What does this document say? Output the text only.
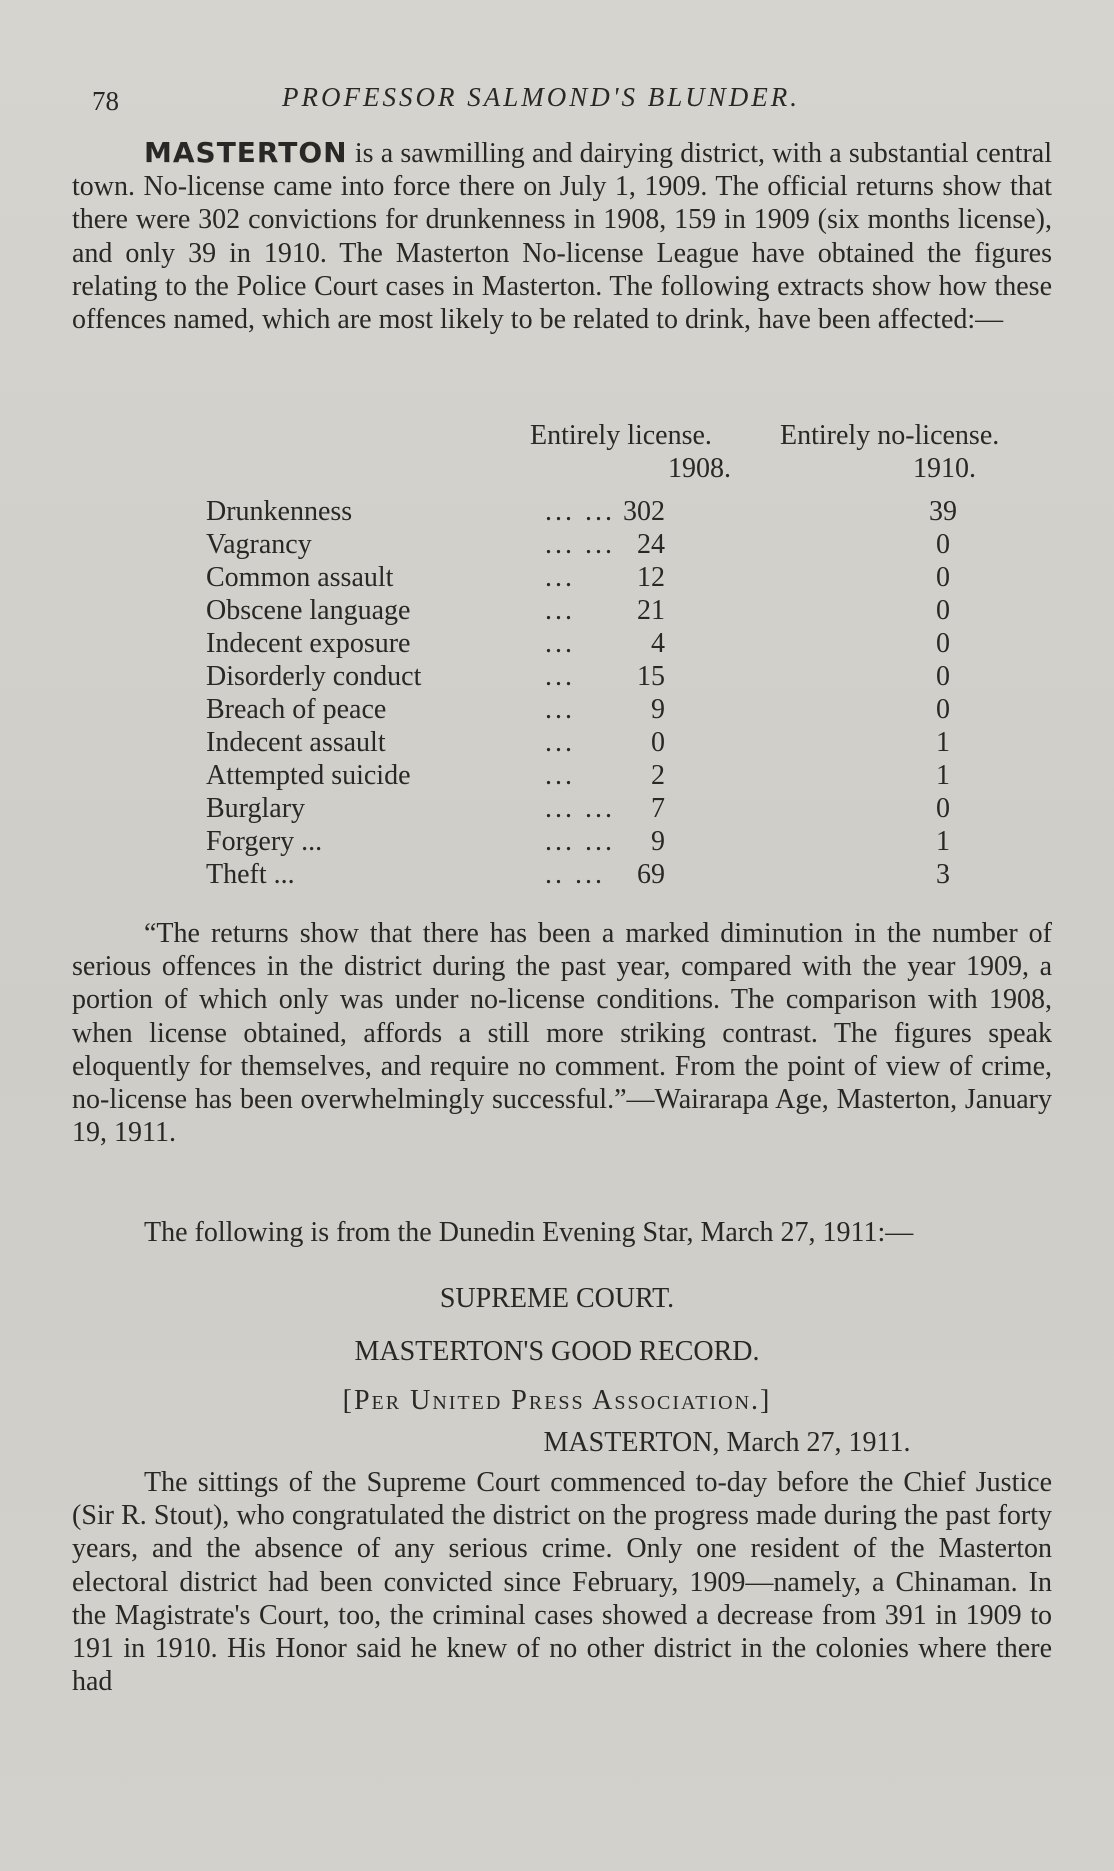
78	PROFESSOR SALMOND'S BLUNDER.

MASTERTON is a sawmilling and dairying district, with a substantial central town. No-license came into force there on July 1, 1909. The official returns show that there were 302 convictions for drunkenness in 1908, 159 in 1909 (six months license), and only 39 in 1910. The Masterton No-license League have obtained the figures relating to the Police Court cases in Masterton. The following extracts show how these offences named, which are most likely to be related to drink, have been affected:—

Entirely license. Entirely no-license.
1908.	1910.
Drunkenness	... ... 302	39
Vagrancy	... ... 24	0
Common assault	... 12	0
Obscene language	... 21	0
Indecent exposure	...	4	0
Disorderly conduct	... 15	0
Breach of peace	...	9	0
Indecent assault	...	0	1
Attempted suicide	...	2	1
Burglary	... ... 7	0
Forgery ...	... ... 9	1
Theft ...	.. ... 69	3

“The returns show that there has been a marked diminution in the number of serious offences in the district during the past year, compared with the year 1909, a portion of which only was under no-license conditions. The comparison with 1908, when license obtained, affords a still more striking contrast. The figures speak eloquently for themselves, and require no comment. From the point of view of crime, no-license has been overwhelmingly successful.”—Wairarapa Age, Masterton, January 19, 1911.

The following is from the Dunedin Evening Star, March 27, 1911:—

SUPREME COURT.
MASTERTON'S GOOD RECORD.
[Per United Press Association.]
MASTERTON, March 27, 1911.

The sittings of the Supreme Court commenced to-day before the Chief Justice (Sir R. Stout), who congratulated the district on the progress made during the past forty years, and the absence of any serious crime. Only one resident of the Masterton electoral district had been convicted since February, 1909—namely, a Chinaman. In the Magistrate's Court, too, the criminal cases showed a decrease from 391 in 1909 to 191 in 1910. His Honor said he knew of no other district in the colonies where there had
